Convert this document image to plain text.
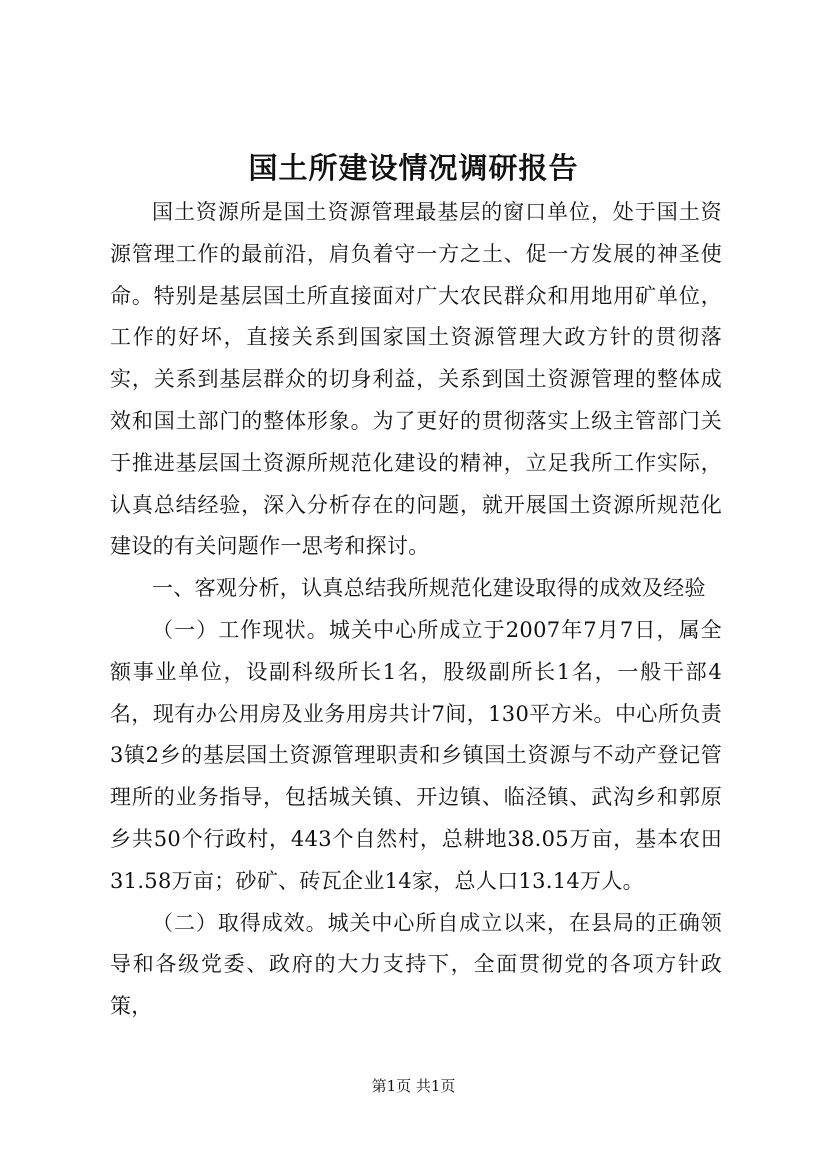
国土所建设情况调研报告

国土资源所是国土资源管理最基层的窗口单位，处于国土资源管理工作的最前沿，肩负着守一方之土、促一方发展的神圣使命。特别是基层国土所直接面对广大农民群众和用地用矿单位，工作的好坏，直接关系到国家国土资源管理大政方针的贯彻落实，关系到基层群众的切身利益，关系到国土资源管理的整体成效和国土部门的整体形象。为了更好的贯彻落实上级主管部门关于推进基层国土资源所规范化建设的精神，立足我所工作实际，认真总结经验，深入分析存在的问题，就开展国土资源所规范化建设的有关问题作一思考和探讨。

一、客观分析，认真总结我所规范化建设取得的成效及经验

（一）工作现状。城关中心所成立于2007年7月7日，属全额事业单位，设副科级所长1名，股级副所长1名，一般干部4名，现有办公用房及业务用房共计7间，130平方米。中心所负责3镇2乡的基层国土资源管理职责和乡镇国土资源与不动产登记管理所的业务指导，包括城关镇、开边镇、临泾镇、武沟乡和郭原乡共50个行政村，443个自然村，总耕地38.05万亩，基本农田31.58万亩；砂矿、砖瓦企业14家，总人口13.14万人。

（二）取得成效。城关中心所自成立以来，在县局的正确领导和各级党委、政府的大力支持下，全面贯彻党的各项方针政策，

第1页 共1页
